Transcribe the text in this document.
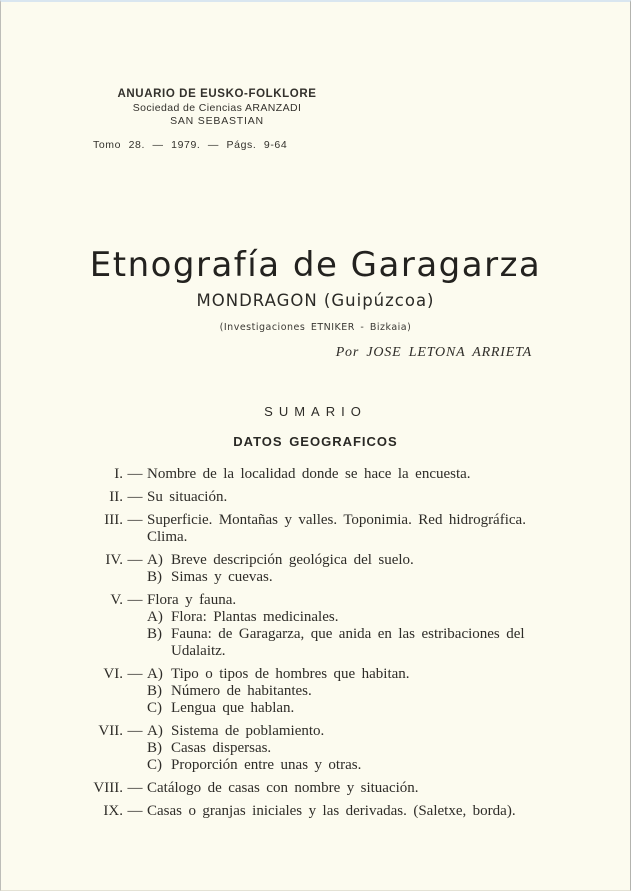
ANUARIO DE EUSKO-FOLKLORE
Sociedad de Ciencias ARANZADI
SAN SEBASTIAN
Tomo 28. — 1979. — Págs. 9-64
Etnografía de Garagarza
MONDRAGON (Guipúzcoa)
(Investigaciones ETNIKER - Bizkaia)
Por JOSE LETONA ARRIETA
SUMARIO
DATOS GEOGRAFICOS
I. — Nombre de la localidad donde se hace la encuesta.
II. — Su situación.
III. — Superficie. Montañas y valles. Toponimia. Red hidrográfica.
Clima.
IV. — A) Breve descripción geológica del suelo.
B) Simas y cuevas.
V. — Flora y fauna.
A) Flora: Plantas medicinales.
B) Fauna: de Garagarza, que anida en las estribaciones del
Udalaitz.
VI. — A) Tipo o tipos de hombres que habitan.
B) Número de habitantes.
C) Lengua que hablan.
VII. — A) Sistema de poblamiento.
B) Casas dispersas.
C) Proporción entre unas y otras.
VIII. — Catálogo de casas con nombre y situación.
IX. — Casas o granjas iniciales y las derivadas. (Saletxe, borda).
